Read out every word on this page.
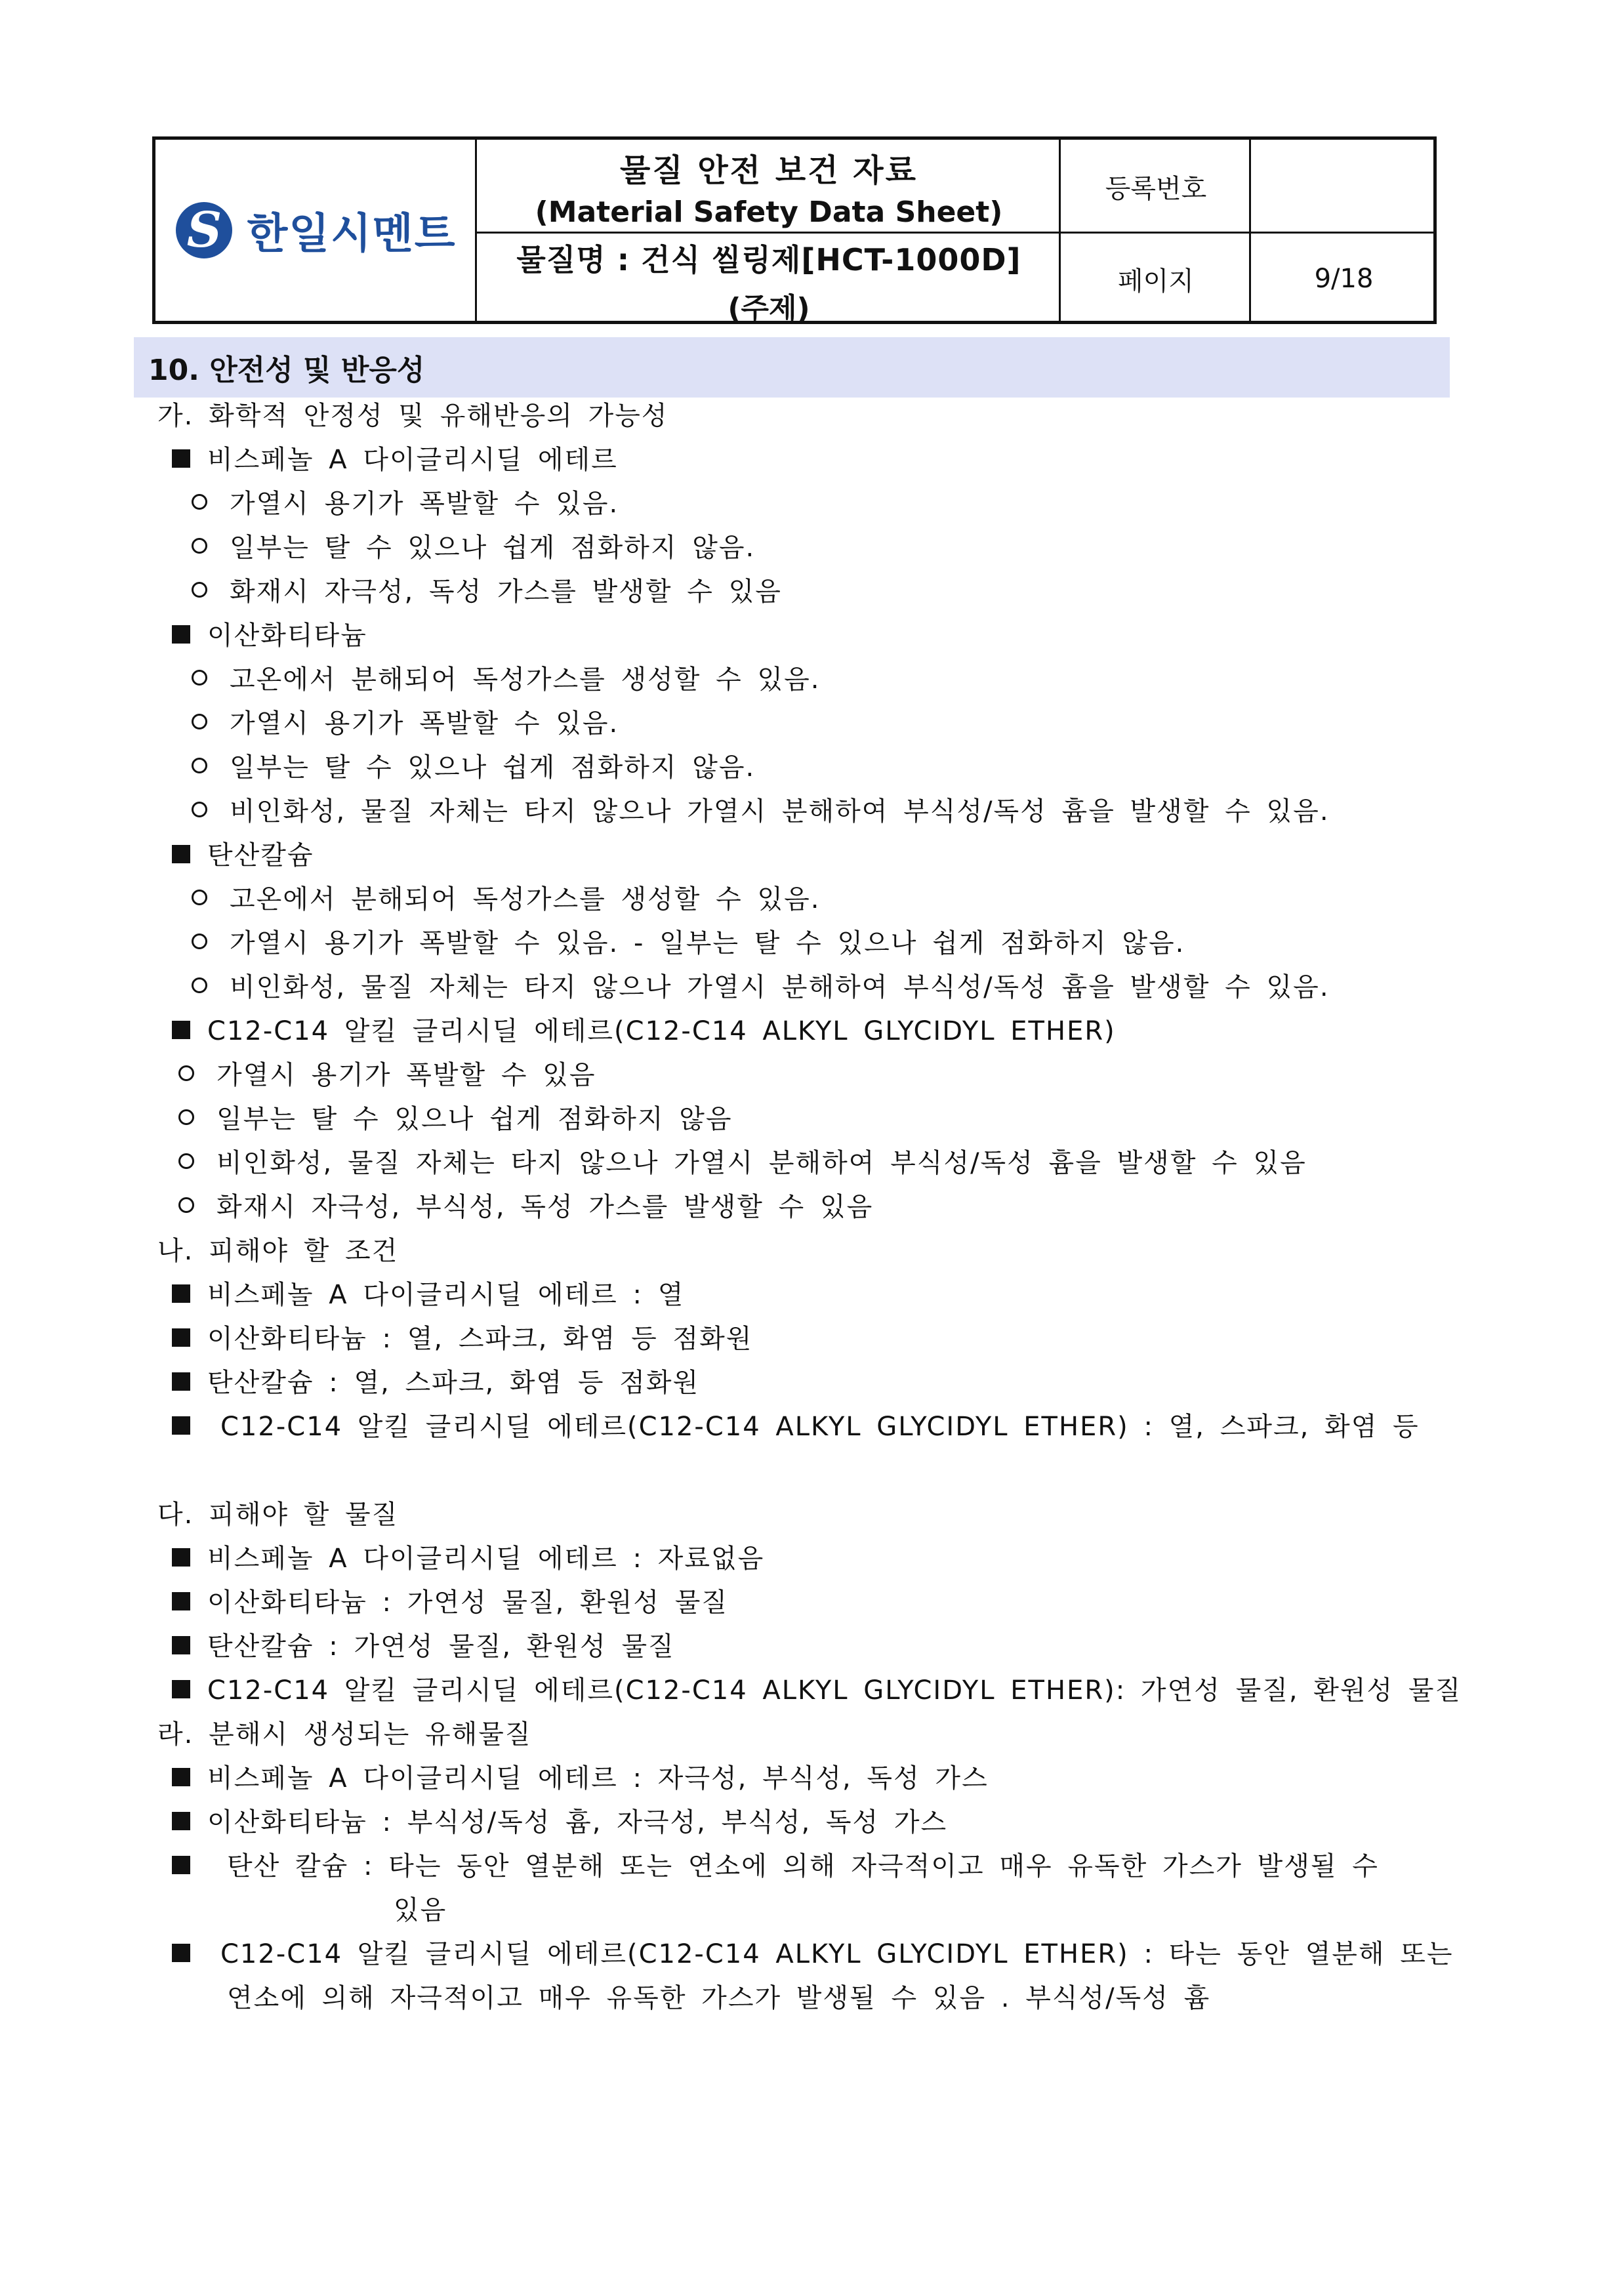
S 한일시멘트
물질 안전 보건 자료
(Material Safety Data Sheet)
물질명 : 건식 씰링제[HCT-1000D]
(주제)
등록번호
페이지	9/18
10. 안전성 및 반응성
가. 화학적 안정성 및 유해반응의 가능성
비스페놀 A 다이글리시딜 에테르
가열시 용기가 폭발할 수 있음.
일부는 탈 수 있으나 쉽게 점화하지 않음.
화재시 자극성, 독성 가스를 발생할 수 있음
이산화티타늄
고온에서 분해되어 독성가스를 생성할 수 있음.
가열시 용기가 폭발할 수 있음.
일부는 탈 수 있으나 쉽게 점화하지 않음.
비인화성, 물질 자체는 타지 않으나 가열시 분해하여 부식성/독성 흄을 발생할 수 있음.
탄산칼슘
고온에서 분해되어 독성가스를 생성할 수 있음.
가열시 용기가 폭발할 수 있음. - 일부는 탈 수 있으나 쉽게 점화하지 않음.
비인화성, 물질 자체는 타지 않으나 가열시 분해하여 부식성/독성 흄을 발생할 수 있음.
C12-C14 알킬 글리시딜 에테르(C12-C14 ALKYL GLYCIDYL ETHER)
가열시 용기가 폭발할 수 있음
일부는 탈 수 있으나 쉽게 점화하지 않음
비인화성, 물질 자체는 타지 않으나 가열시 분해하여 부식성/독성 흄을 발생할 수 있음
화재시 자극성, 부식성, 독성 가스를 발생할 수 있음
나. 피해야 할 조건
비스페놀 A 다이글리시딜 에테르 : 열
이산화티타늄 : 열, 스파크, 화염 등 점화원
탄산칼슘 : 열, 스파크, 화염 등 점화원
C12-C14 알킬 글리시딜 에테르(C12-C14 ALKYL GLYCIDYL ETHER) : 열, 스파크, 화염 등
다. 피해야 할 물질
비스페놀 A 다이글리시딜 에테르 : 자료없음
이산화티타늄 : 가연성 물질, 환원성 물질
탄산칼슘 : 가연성 물질, 환원성 물질
C12-C14 알킬 글리시딜 에테르(C12-C14 ALKYL GLYCIDYL ETHER): 가연성 물질, 환원성 물질
라. 분해시 생성되는 유해물질
비스페놀 A 다이글리시딜 에테르 : 자극성, 부식성, 독성 가스
이산화티타늄 : 부식성/독성 흄, 자극성, 부식성, 독성 가스
탄산 칼슘 : 타는 동안 열분해 또는 연소에 의해 자극적이고 매우 유독한 가스가 발생될 수
있음
C12-C14 알킬 글리시딜 에테르(C12-C14 ALKYL GLYCIDYL ETHER) : 타는 동안 열분해 또는
연소에 의해 자극적이고 매우 유독한 가스가 발생될 수 있음 . 부식성/독성 흄
